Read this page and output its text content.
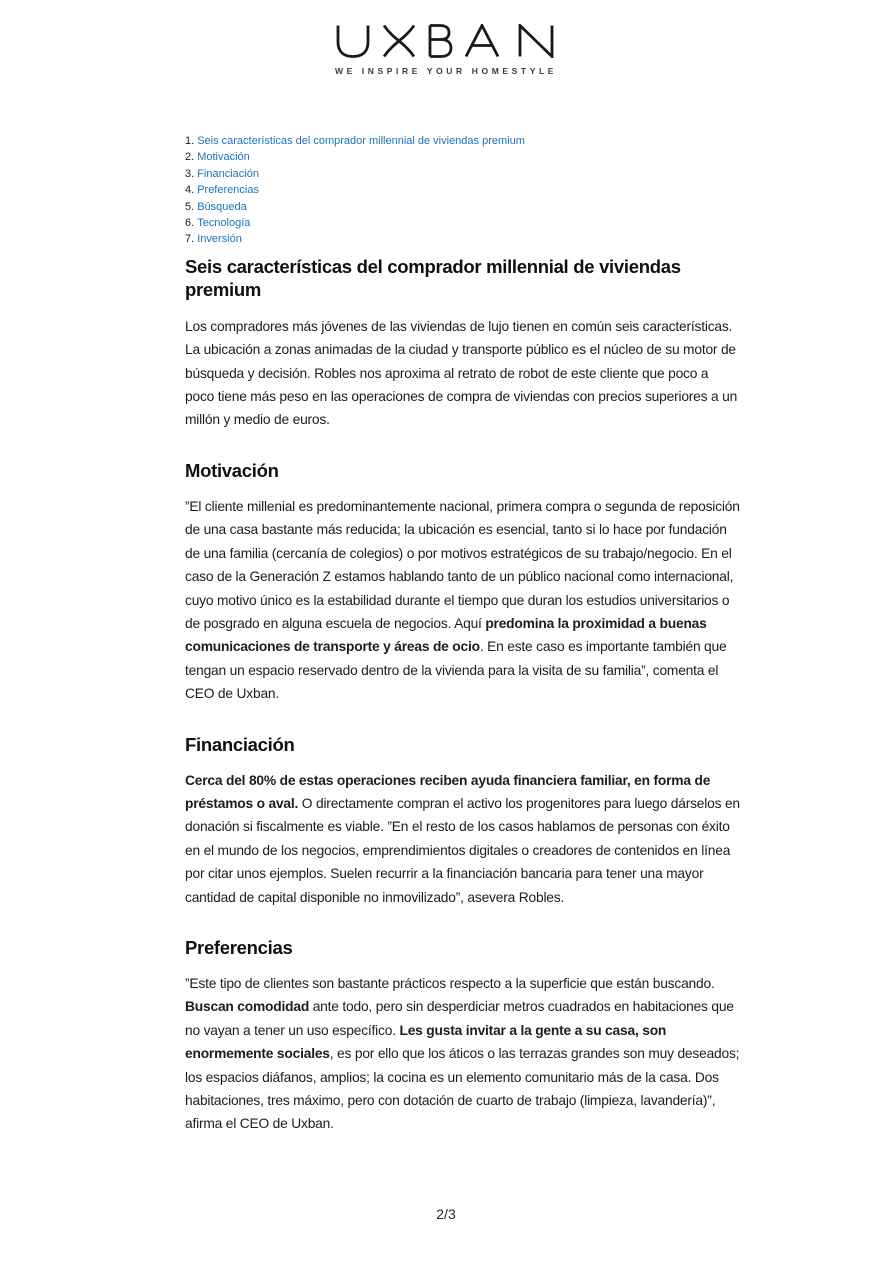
WE INSPIRE YOUR HOMESTYLE
1. Seis características del comprador millennial de viviendas premium
2. Motivación
3. Financiación
4. Preferencias
5. Búsqueda
6. Tecnología
7. Inversión
Seis características del comprador millennial de viviendas premium

Los compradores más jóvenes de las viviendas de lujo tienen en común seis características. La ubicación a zonas animadas de la ciudad y transporte público es el núcleo de su motor de búsqueda y decisión. Robles nos aproxima al retrato de robot de este cliente que poco a poco tiene más peso en las operaciones de compra de viviendas con precios superiores a un millón y medio de euros.

Motivación

”El cliente millenial es predominantemente nacional, primera compra o segunda de reposición de una casa bastante más reducida; la ubicación es esencial, tanto si lo hace por fundación de una familia (cercanía de colegios) o por motivos estratégicos de su trabajo/negocio. En el caso de la Generación Z estamos hablando tanto de un público nacional como internacional, cuyo motivo único es la estabilidad durante el tiempo que duran los estudios universitarios o de posgrado en alguna escuela de negocios. Aquí predomina la proximidad a buenas comunicaciones de transporte y áreas de ocio. En este caso es importante también que tengan un espacio reservado dentro de la vivienda para la visita de su familia”, comenta el CEO de Uxban.

Financiación

Cerca del 80% de estas operaciones reciben ayuda financiera familiar, en forma de préstamos o aval. O directamente compran el activo los progenitores para luego dárselos en donación si fiscalmente es viable. ”En el resto de los casos hablamos de personas con éxito en el mundo de los negocios, emprendimientos digitales o creadores de contenidos en línea por citar unos ejemplos. Suelen recurrir a la financiación bancaria para tener una mayor cantidad de capital disponible no inmovilizado”, asevera Robles.

Preferencias

”Este tipo de clientes son bastante prácticos respecto a la superficie que están buscando. Buscan comodidad ante todo, pero sin desperdiciar metros cuadrados en habitaciones que no vayan a tener un uso específico. Les gusta invitar a la gente a su casa, son enormemente sociales, es por ello que los áticos o las terrazas grandes son muy deseados; los espacios diáfanos, amplios; la cocina es un elemento comunitario más de la casa. Dos habitaciones, tres máximo, pero con dotación de cuarto de trabajo (limpieza, lavandería)”, afirma el CEO de Uxban.

2/3
